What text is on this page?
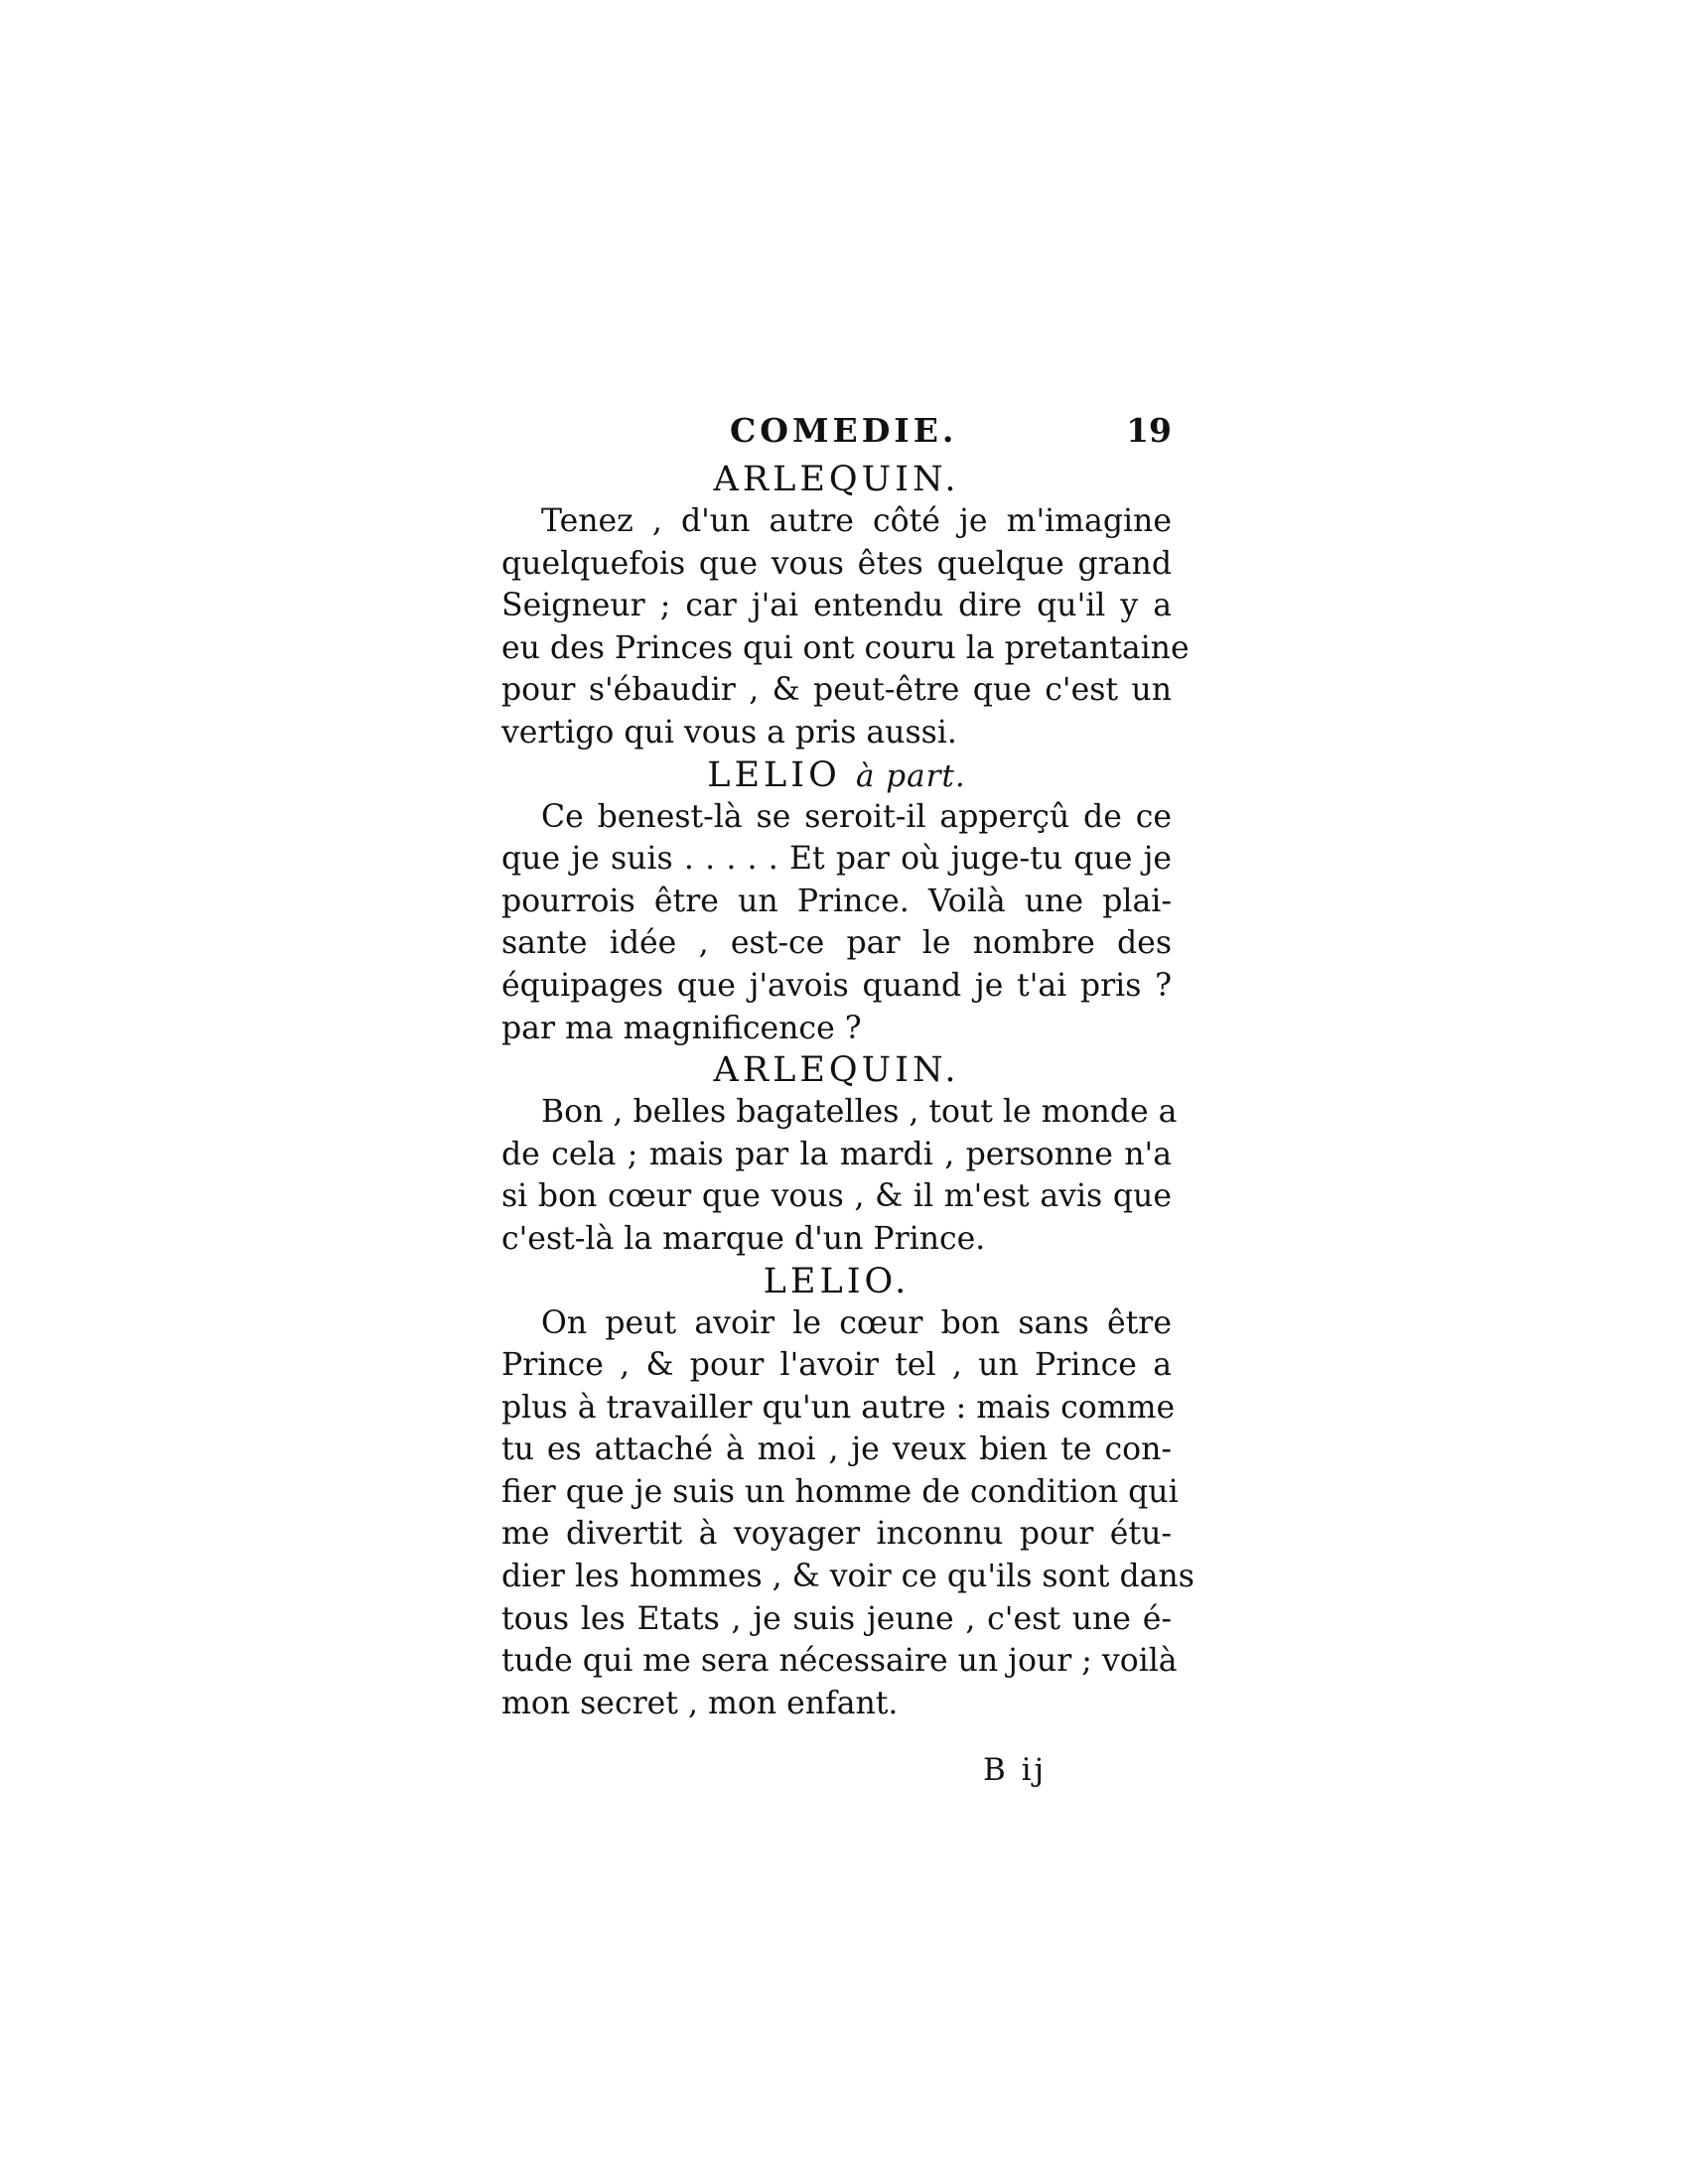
COMEDIE.	19

ARLEQUIN.

Tenez , d'un autre côté je m'imagine

quelquefois que vous êtes quelque grand

Seigneur ; car j'ai entendu dire qu'il y a

eu des Princes qui ont couru la pretantaine

pour s'ébaudir , & peut-être que c'est un

vertigo qui vous a pris aussi.

LELIO à part.

Ce benest-là se seroit-il apperçû de ce

que je suis . . . . . Et par où juge-tu que je

pourrois être un Prince. Voilà une plai-

sante idée , est-ce par le nombre des

équipages que j'avois quand je t'ai pris ?

par ma magnificence ?

ARLEQUIN.

Bon , belles bagatelles , tout le monde a

de cela ; mais par la mardi , personne n'a

si bon cœur que vous , & il m'est avis que

c'est-là la marque d'un Prince.

LELIO.

On peut avoir le cœur bon sans être

Prince , & pour l'avoir tel , un Prince a

plus à travailler qu'un autre : mais comme

tu es attaché à moi , je veux bien te con-

fier que je suis un homme de condition qui

me divertit à voyager inconnu pour étu-

dier les hommes , & voir ce qu'ils sont dans

tous les Etats , je suis jeune , c'est une é-

tude qui me sera nécessaire un jour ; voilà

mon secret , mon enfant.

B ij
